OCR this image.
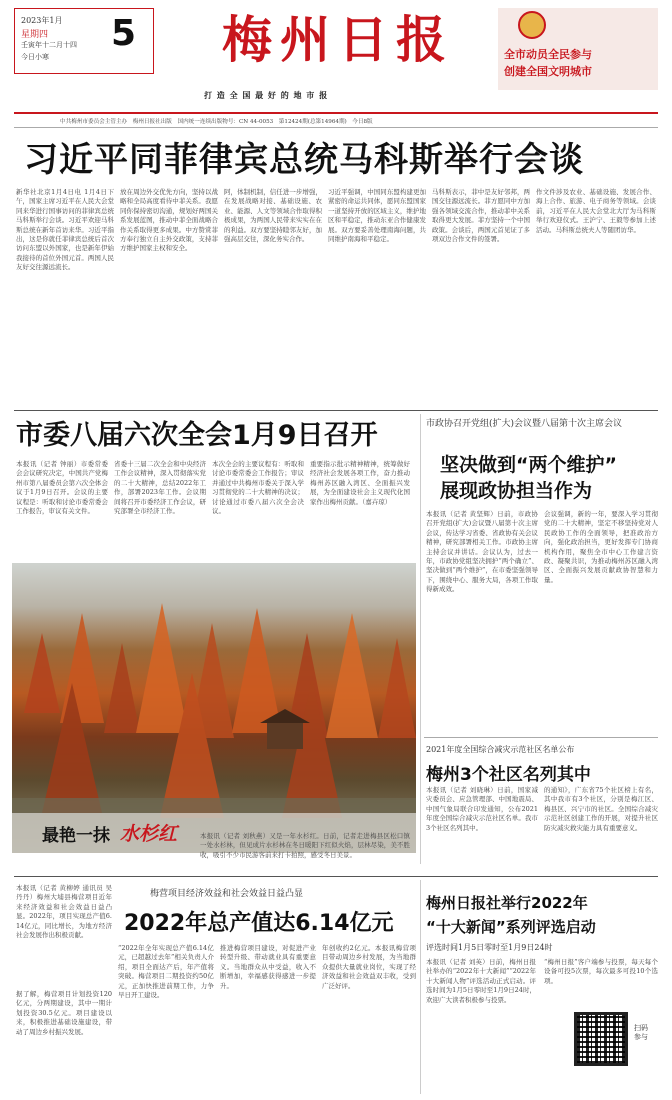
2023年1月
星期四
壬寅年十二月十四
今日小寒
5	梅州日报	全市动员全民参与
创建全国文明城市
打 造 全 国 最 好 的 地 市 报
中共梅州市委员会主管主办　梅州日报社出版　国内统一连续出版物号：CN 44-0053　第12424期(总第14964期)　今日8版
习近平同菲律宾总统马科斯举行会谈
新华社北京1月4日电 1月4日下午，国家主席习近平在人民大会堂同来华进行国事访问的菲律宾总统马科斯举行会谈。习近平欢迎马科斯总统在新年首访来华。习近平指出，这是你就任菲律宾总统后首次访问东盟以外国家，也是新年伊始我接待的首位外国元首。两国人民友好交往源远流长。
放在周边外交优先方向，坚持以战略和全局高度看待中菲关系。我愿同你保持密切沟通，规划好两国关系发展蓝图，推动中菲全面战略合作关系取得更多成果。中方赞赏菲方奉行独立自主外交政策，支持菲方维护国家主权和安全。
阿，体制机制，信任进一步增强，在发展战略对接、基础设施、农业、能源、人文等领域合作取得积极成果，为两国人民带来实实在在的利益。双方要坚持睦邻友好，加强高层交往，深化务实合作。
习近平强调，中国同东盟构建更加紧密的命运共同体，愿同东盟国家一道坚持开放的区域主义，维护地区和平稳定，推动东亚合作健康发展。双方要妥善处理南海问题，共同维护南海和平稳定。
马科斯表示，菲中是友好邻邦，两国交往源远流长。菲方愿同中方加强各领域交流合作，推动菲中关系取得更大发展。菲方坚持一个中国政策。会谈后，两国元首见证了多项双边合作文件的签署。
作文件涉及农业、基础设施、发展合作、海上合作、旅游、电子商务等领域。会谈前，习近平在人民大会堂北大厅为马科斯举行欢迎仪式。王沪宁、王毅等参加上述活动。马科斯总统夫人等随团访华。
市委八届六次全会1月9日召开
本报讯（记者 钟丽）市委常委会会议研究决定，中国共产党梅州市第八届委员会第六次全体会议于1月9日召开。会议的主要议程是：听取和讨论市委常委会工作报告，审议有关文件。
省委十三届二次全会和中央经济工作会议精神，深入贯彻落实党的二十大精神，总结2022年工作，部署2023年工作。会议期间将召开市委经济工作会议，研究部署全市经济工作。
本次全会的主要议程有：听取和讨论市委常委会工作报告；审议并通过中共梅州市委关于深入学习贯彻党的二十大精神的决议；讨论通过市委八届六次全会决议。
重要指示批示精神精神，统筹做好经济社会发展各项工作，奋力推动梅州苏区融入湾区、全面振兴发展，为全面建设社会主义现代化国家作出梅州贡献。（嘉卉琼）
最艳一抹 水杉红	本报讯（记者 刘秋燕）又是一年水杉红。日前，记者走进梅县区松口镇一处水杉林，但见成片水杉林在冬日暖阳下红似火焰，层林尽染，美不胜收，吸引不少市民游客前来打卡拍照，感受冬日美景。
市政协召开党组(扩大)会议暨八届第十次主席会议
坚决做到“两个维护”
展现政协担当作为
本报讯（记者 黄坚辉）日前，市政协召开党组(扩大)会议暨八届第十次主席会议，传达学习省委、省政协有关会议精神，研究部署相关工作。市政协主席主持会议并讲话。会议认为，过去一年，市政协党组坚决拥护“两个确立”、坚决做到“两个维护”，在市委坚强领导下，围绕中心、服务大局，各项工作取得新成效。
会议强调，新的一年，要深入学习贯彻党的二十大精神，坚定不移坚持党对人民政协工作的全面领导，把准政治方向，强化政治担当，更好发挥专门协商机构作用，聚焦全市中心工作建言资政、凝聚共识，为推动梅州苏区融入湾区、全面振兴发展贡献政协智慧和力量。
2021年度全国综合减灾示范社区名单公布
梅州3个社区名列其中
本报讯（记者 刘晓琳）日前，国家减灾委员会、应急管理部、中国地震局、中国气象局联合印发通知，公布2021年度全国综合减灾示范社区名单。我市3个社区名列其中。
的通知》，广东省75个社区榜上有名，其中我市有3个社区，分别是梅江区、梅县区、兴宁市的社区。全国综合减灾示范社区创建工作的开展，对提升社区防灾减灾救灾能力具有重要意义。
本报讯（记者 黄柳婷 通讯员 吴丹丹）梅州大埔县梅营项目近年来经济效益和社会效益日益凸显。2022年，项目实现总产值6.14亿元，同比增长，为地方经济社会发展作出积极贡献。
据了解，梅营项目计划投资120亿元，分两期建设，其中一期计划投资30.5亿元。项目建设以来，积极推进基础设施建设，带动了周边乡村振兴发展。
梅营项目经济效益和社会效益日益凸显
2022年总产值达6.14亿元
“2022年全年实现总产值6.14亿元，已超越过去年”相关负责人介绍，项目全面达产后，年产值将突破。梅营项目二期投资约50亿元，正加快推进前期工作，力争早日开工建设。
推进梅营项目建设，对促进产业转型升级、带动就业具有重要意义。当地群众从中受益，收入不断增加，幸福感获得感进一步提升。
年创收约2亿元。本报讯梅营项目带动周边乡村发展，为当地群众提供大量就业岗位，实现了经济效益和社会效益双丰收，受到广泛好评。
梅州日报社举行2022年
“十大新闻”系列评选启动
评选时间1月5日零时至1月9日24时
本报讯（记者 刘英）日前，梅州日报社举办的“2022年十大新闻”“2022年十大新闻人物”评选活动正式启动。评选时间为1月5日零时至1月9日24时，欢迎广大读者积极参与投票。
“梅州日报”客户端参与投票，每天每个设备可投5次票，每次最多可投10个选项。
扫码参与
